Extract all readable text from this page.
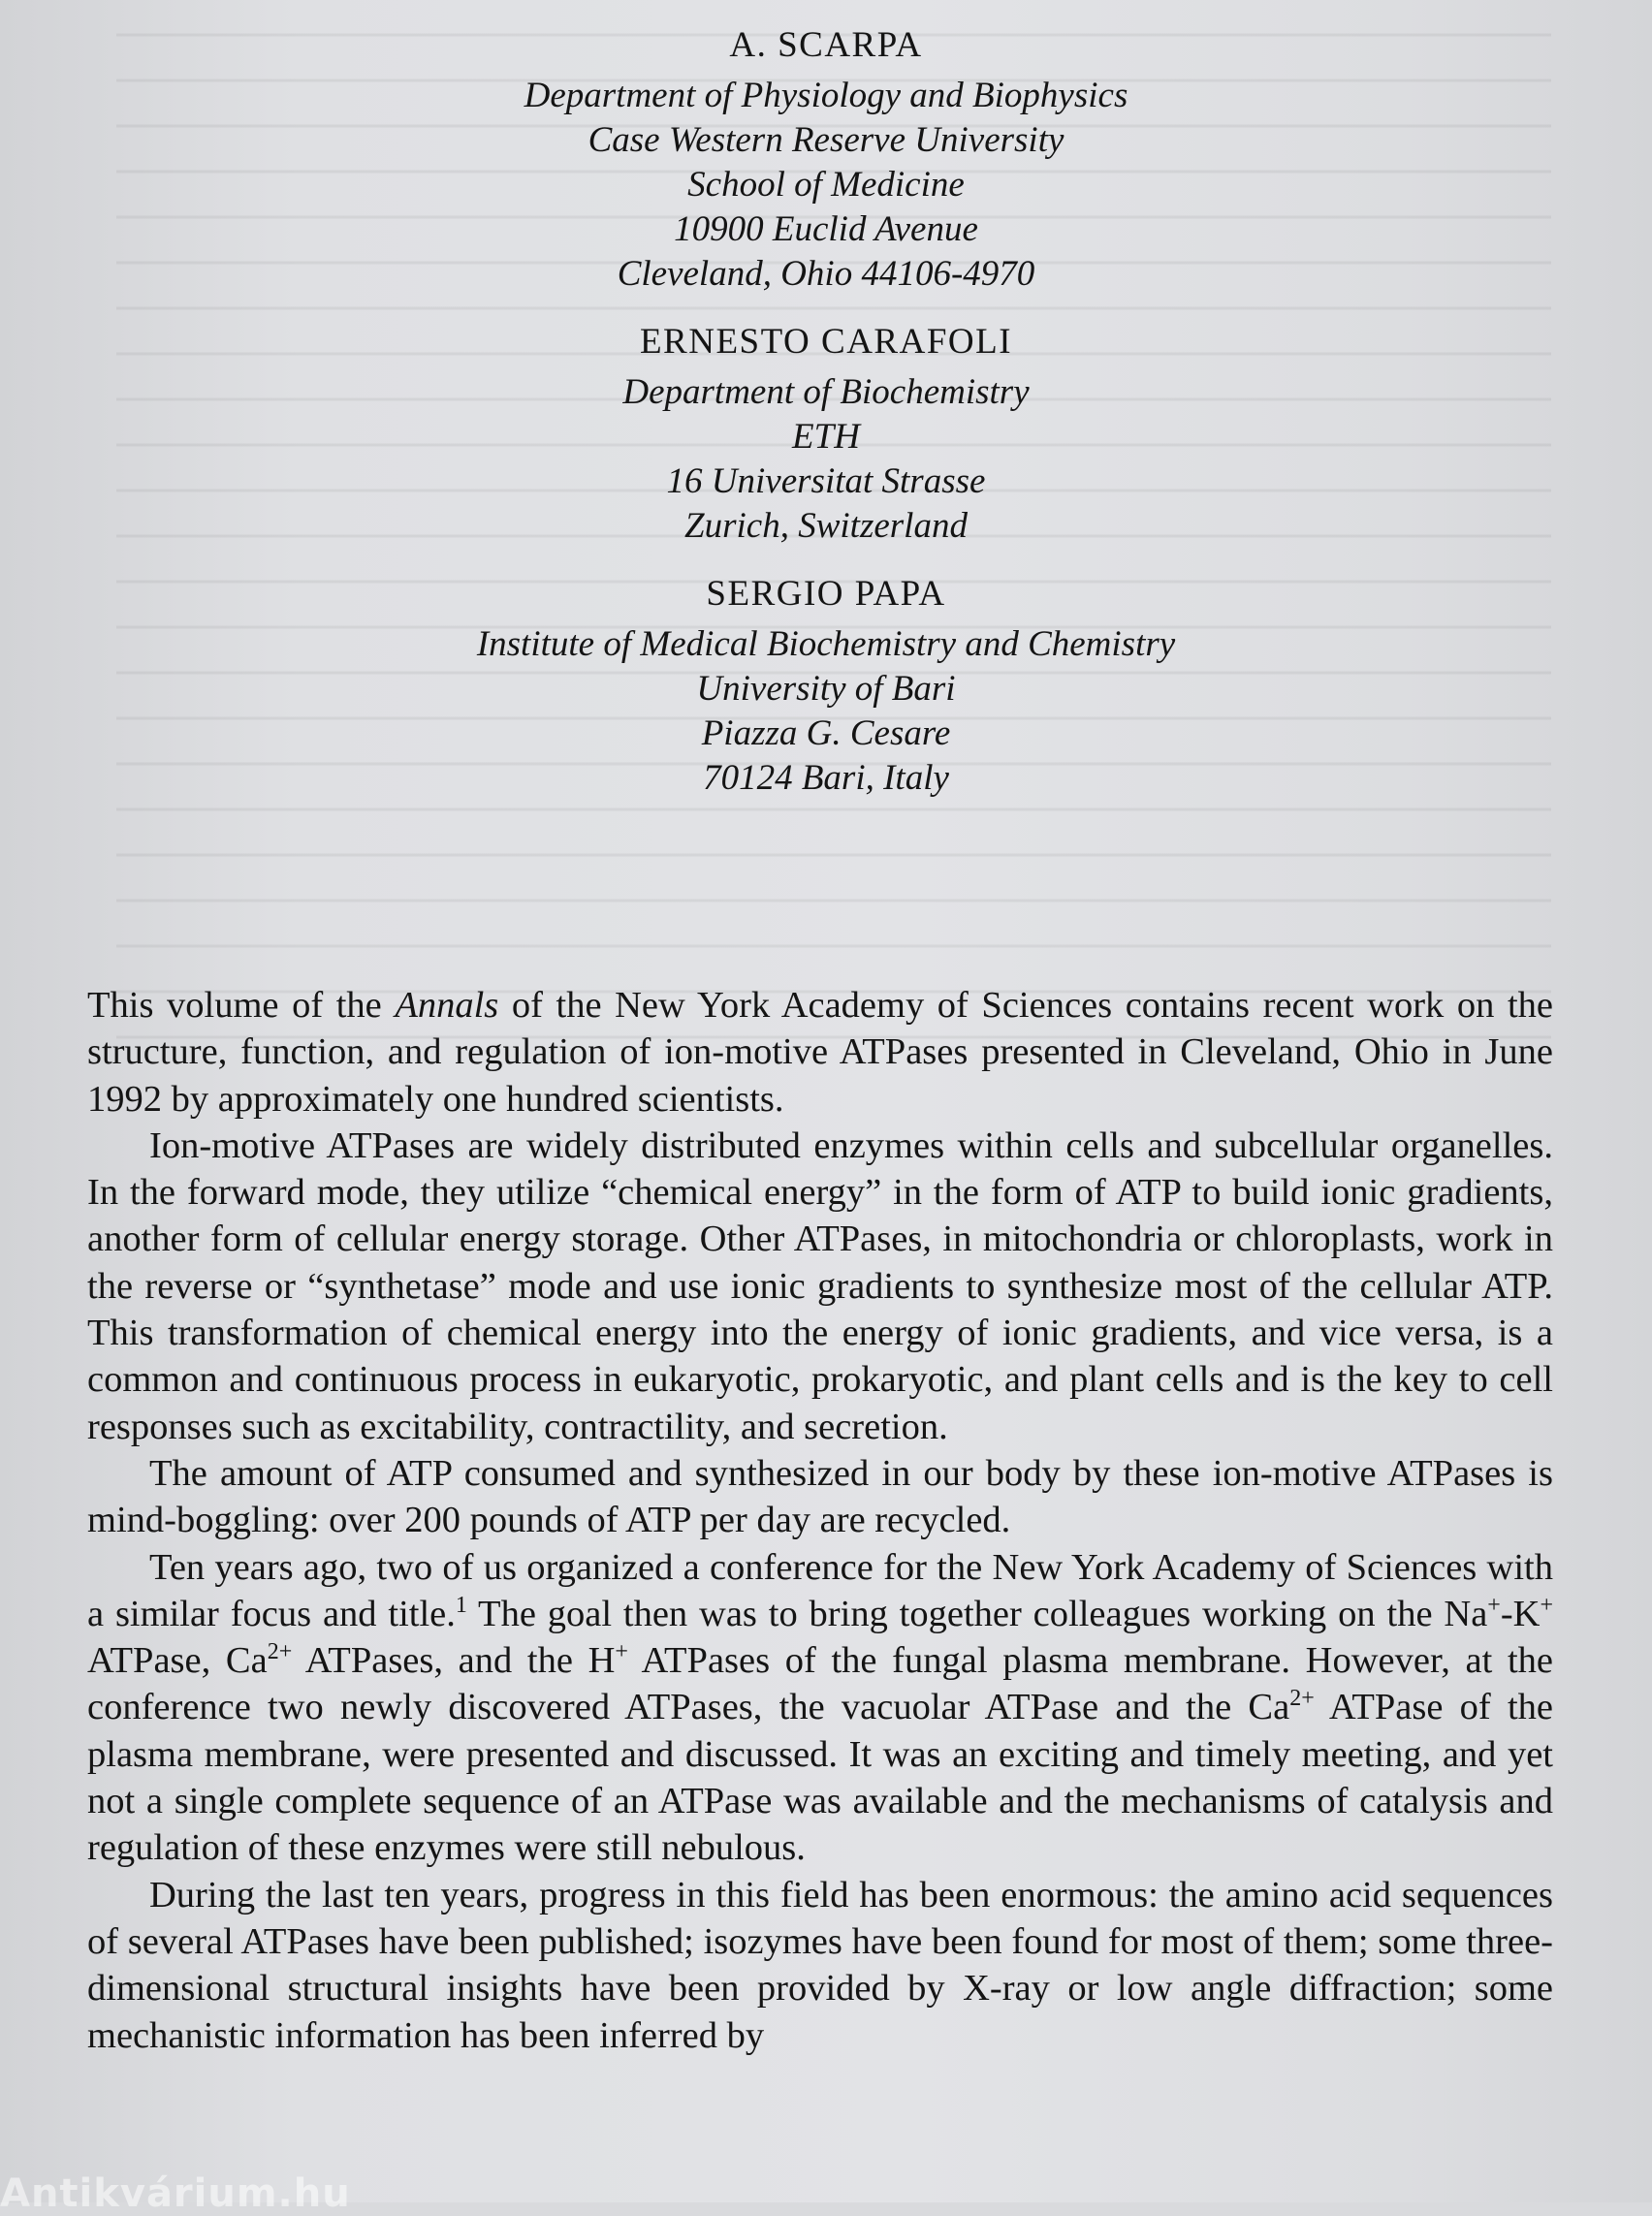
A. SCARPA
Department of Physiology and Biophysics
Case Western Reserve University
School of Medicine
10900 Euclid Avenue
Cleveland, Ohio 44106-4970
ERNESTO CARAFOLI
Department of Biochemistry
ETH
16 Universitat Strasse
Zurich, Switzerland
SERGIO PAPA
Institute of Medical Biochemistry and Chemistry
University of Bari
Piazza G. Cesare
70124 Bari, Italy

This volume of the Annals of the New York Academy of Sciences contains recent work on the structure, function, and regulation of ion-motive ATPases presented in Cleveland, Ohio in June 1992 by approximately one hundred scientists.

Ion-motive ATPases are widely distributed enzymes within cells and subcellular organelles. In the forward mode, they utilize “chemical energy” in the form of ATP to build ionic gradients, another form of cellular energy storage. Other ATPases, in mitochondria or chloroplasts, work in the reverse or “synthetase” mode and use ionic gradients to synthesize most of the cellular ATP. This transformation of chemical energy into the energy of ionic gradients, and vice versa, is a common and continuous process in eukaryotic, prokaryotic, and plant cells and is the key to cell responses such as excitability, contractility, and secretion.

The amount of ATP consumed and synthesized in our body by these ion-motive ATPases is mind-boggling: over 200 pounds of ATP per day are recycled.

Ten years ago, two of us organized a conference for the New York Academy of Sciences with a similar focus and title.$^1$ The goal then was to bring together colleagues working on the Na+-K+ ATPase, $Ca^{2+}$ ATPases, and the H+ ATPases of the fungal plasma membrane. However, at the conference two newly discovered ATPases, the vacuolar ATPase and the $Ca^{2+}$ ATPase of the plasma membrane, were presented and discussed. It was an exciting and timely meeting, and yet not a single complete sequence of an ATPase was available and the mechanisms of catalysis and regulation of these enzymes were still nebulous.

During the last ten years, progress in this field has been enormous: the amino acid sequences of several ATPases have been published; isozymes have been found for most of them; some three-dimensional structural insights have been provided by X-ray or low angle diffraction; some mechanistic information has been inferred by

Antikvárium.hu
